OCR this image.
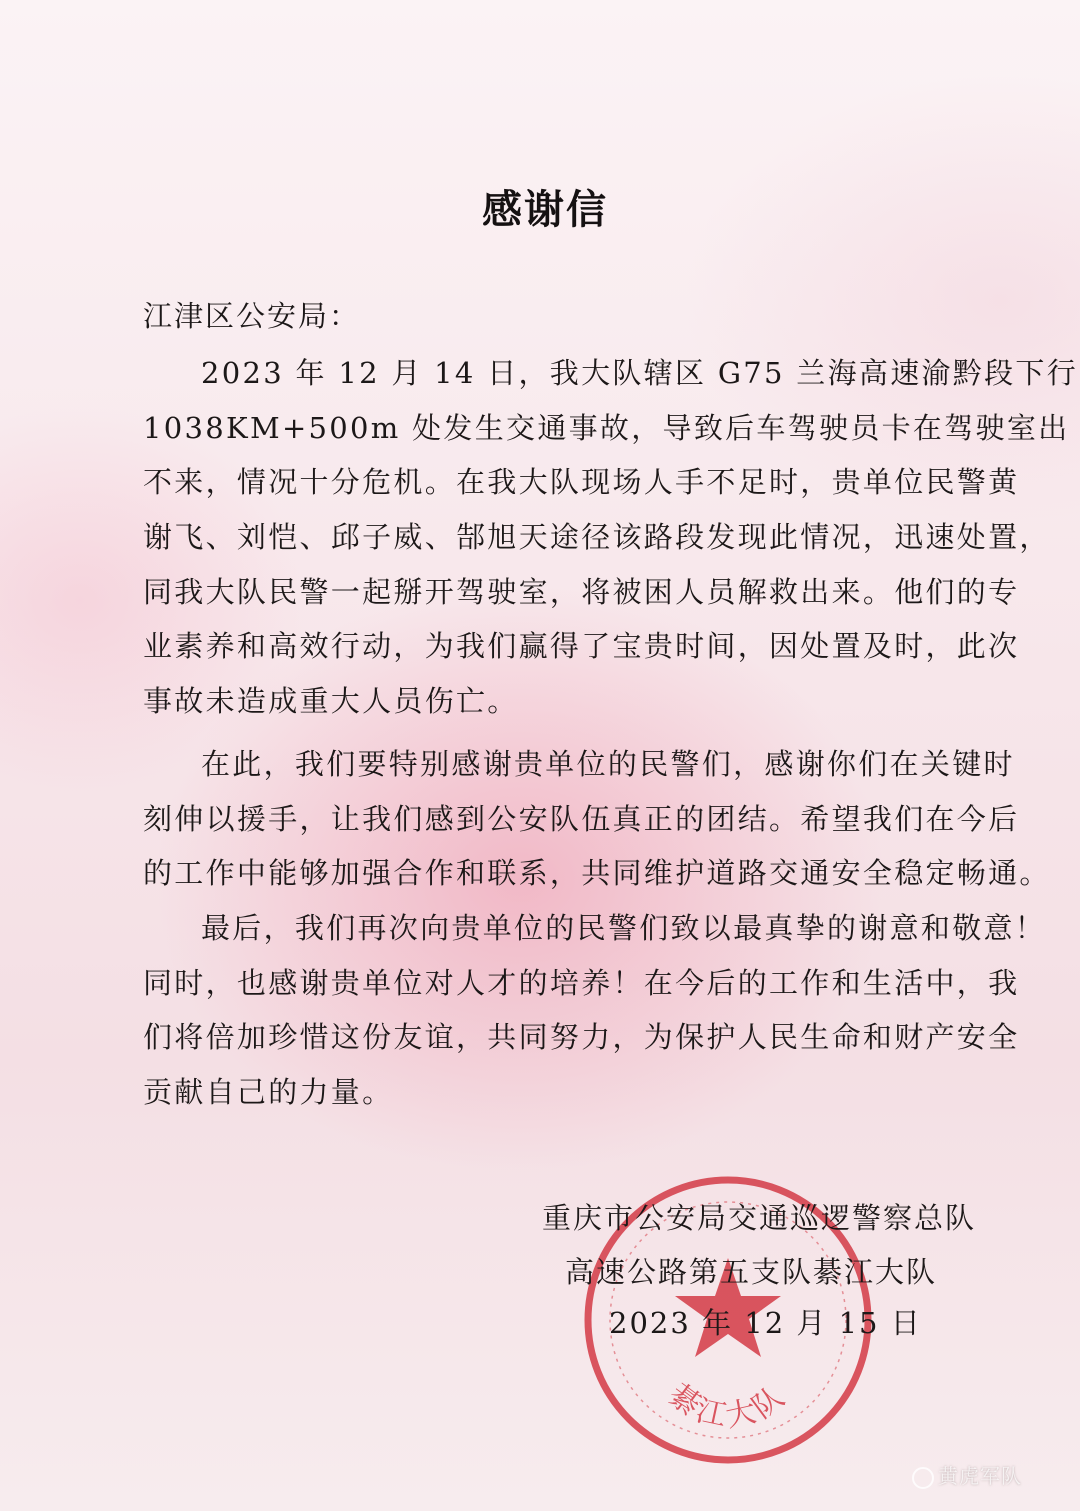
感谢信
江津区公安局：
2023 年 12 月 14 日，我大队辖区 G75 兰海高速渝黔段下行
1038KM+500m 处发生交通事故，导致后车驾驶员卡在驾驶室出
不来，情况十分危机。在我大队现场人手不足时，贵单位民警黄
谢飞、刘恺、邱子威、郜旭天途径该路段发现此情况，迅速处置，
同我大队民警一起掰开驾驶室，将被困人员解救出来。他们的专
业素养和高效行动，为我们赢得了宝贵时间，因处置及时，此次
事故未造成重大人员伤亡。
在此，我们要特别感谢贵单位的民警们，感谢你们在关键时
刻伸以援手，让我们感到公安队伍真正的团结。希望我们在今后
的工作中能够加强合作和联系，共同维护道路交通安全稳定畅通。
最后，我们再次向贵单位的民警们致以最真挚的谢意和敬意！
同时，也感谢贵单位对人才的培养！在今后的工作和生活中，我
们将倍加珍惜这份友谊，共同努力，为保护人民生命和财产安全
贡献自己的力量。
綦江大队
重庆市公安局交通巡逻警察总队
高速公路第五支队綦江大队
2023 年 12 月 15 日
黄虎军队
